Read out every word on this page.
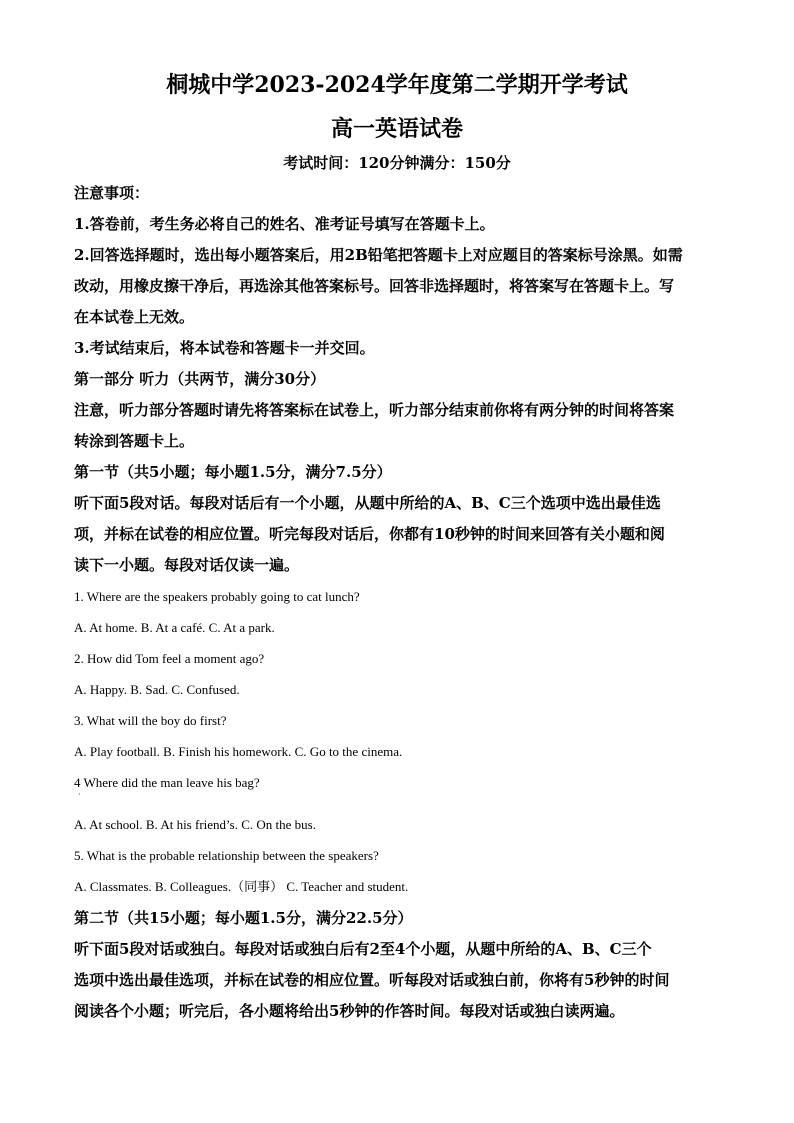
桐城中学2023-2024学年度第二学期开学考试
高一英语试卷
考试时间：120分钟满分：150分
注意事项：
1.答卷前，考生务必将自己的姓名、准考证号填写在答题卡上。
2.回答选择题时，选出每小题答案后，用2B铅笔把答题卡上对应题目的答案标号涂黑。如需
改动，用橡皮擦干净后，再选涂其他答案标号。回答非选择题时，将答案写在答题卡上。写
在本试卷上无效。
3.考试结束后，将本试卷和答题卡一并交回。
第一部分 听力（共两节，满分30分）
注意，听力部分答题时请先将答案标在试卷上，听力部分结束前你将有两分钟的时间将答案
转涂到答题卡上。
第一节（共5小题；每小题1.5分，满分7.5分）
听下面5段对话。每段对话后有一个小题，从题中所给的A、B、C三个选项中选出最佳选
项，并标在试卷的相应位置。听完每段对话后，你都有10秒钟的时间来回答有关小题和阅
读下一小题。每段对话仅读一遍。
1. Where are the speakers probably going to cat lunch?
A. At home. B. At a café. C. At a park.
2. How did Tom feel a moment ago?
A. Happy. B. Sad. C. Confused.
3. What will the boy do first?
A. Play football. B. Finish his homework. C. Go to the cinema.
4 Where did the man leave his bag?
·
A. At school. B. At his friend’s. C. On the bus.
5. What is the probable relationship between the speakers?
A. Classmates. B. Colleagues.（同事） C. Teacher and student.
第二节（共15小题；每小题1.5分，满分22.5分）
听下面5段对话或独白。每段对话或独白后有2至4个小题，从题中所给的A、B、C三个
选项中选出最佳选项，并标在试卷的相应位置。听每段对话或独白前，你将有5秒钟的时间
阅读各个小题；听完后，各小题将给出5秒钟的作答时间。每段对话或独白读两遍。
